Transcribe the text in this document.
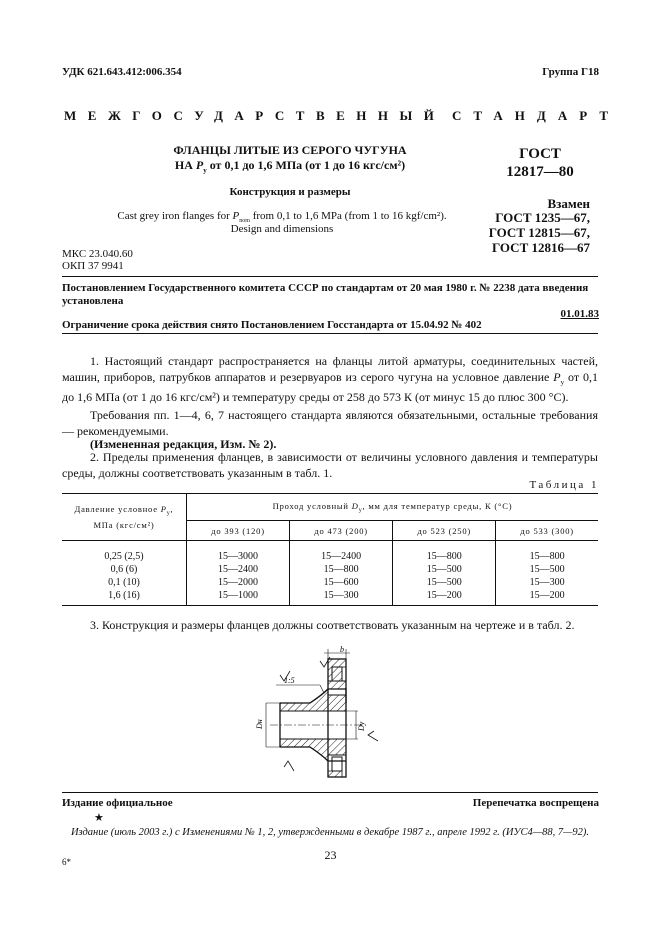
УДК 621.643.412:006.354	Группа Г18
МЕЖГОСУДАРСТВЕННЫЙ СТАНДАРТ
ФЛАНЦЫ ЛИТЫЕ ИЗ СЕРОГО ЧУГУНА
НА $P_у$ от 0,1 до 1,6 МПа (от 1 до 16 кгс/см²)
Конструкция и размеры
Cast grey iron flanges for $P_{nom}$ from 0,1 to 1,6 MPa (from 1 to 16 kgf/cm²).
Design and dimensions
ГОСТ
12817—80
Взамен
ГОСТ 1235—67,
ГОСТ 12815—67,
ГОСТ 12816—67
МКС 23.040.60
ОКП 37 9941
Постановлением Государственного комитета СССР по стандартам от 20 мая 1980 г. № 2238 дата введения установлена
01.01.83
Ограничение срока действия снято Постановлением Госстандарта от 15.04.92 № 402
1. Настоящий стандарт распространяется на фланцы литой арматуры, соединительных частей, машин, приборов, патрубков аппаратов и резервуаров из серого чугуна на условное давление $P_у$ от 0,1 до 1,6 МПа (от 1 до 16 кгс/см²) и температуру среды от 258 до 573 К (от минус 15 до плюс 300 °С).
Требования пп. 1—4, 6, 7 настоящего стандарта являются обязательными, остальные требования — рекомендуемыми.
(Измененная редакция, Изм. № 2).
2. Пределы применения фланцев, в зависимости от величины условного давления и температуры среды, должны соответствовать указанным в табл. 1.
Таблица 1
Давление условное $P_у$,
МПа (кгс/см²)	Проход условный $D_у$, мм для температур среды, К (°С)			
	до 393 (120)	до 473 (200)	до 523 (250)	до 533 (300)
0,25 (2,5)	15—3000	15—2400	15—800	15—800
0,6 (6)	15—2400	15—800	15—500	15—500
0,1 (10)	15—2000	15—600	15—500	15—300
1,6 (16)	15—1000	15—300	15—200	15—200
3. Конструкция и размеры фланцев должны соответствовать указанным на чертеже и в табл. 2.
b
1:5
Dн	Dу
Издание официальное
★
Перепечатка воспрещена
Издание (июль 2003 г.) с Изменениями № 1, 2, утвержденными в декабре 1987 г., апреле 1992 г. (ИУС4—88, 7—92).
6*	23
